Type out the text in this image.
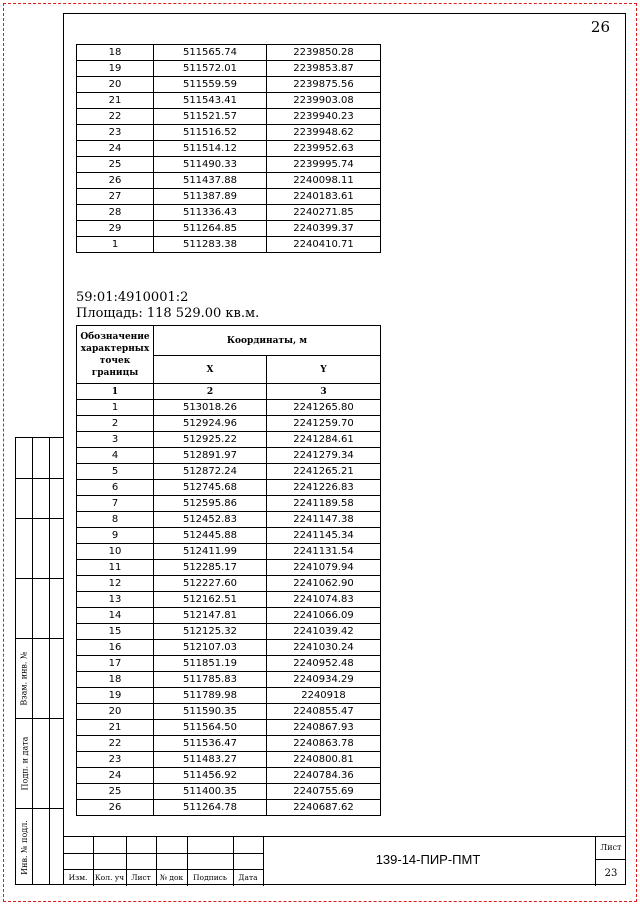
26
18	511565.74	2239850.28
19	511572.01	2239853.87
20	511559.59	2239875.56
21	511543.41	2239903.08
22	511521.57	2239940.23
23	511516.52	2239948.62
24	511514.12	2239952.63
25	511490.33	2239995.74
26	511437.88	2240098.11
27	511387.89	2240183.61
28	511336.43	2240271.85
29	511264.85	2240399.37
1	511283.38	2240410.71
59:01:4910001:2
Площадь: 118 529.00 кв.м.
Обозначение характерных точек границы	Координаты, м	
	X	Y
1	2	3
1	513018.26	2241265.80
2	512924.96	2241259.70
3	512925.22	2241284.61
4	512891.97	2241279.34
5	512872.24	2241265.21
6	512745.68	2241226.83
7	512595.86	2241189.58
8	512452.83	2241147.38
9	512445.88	2241145.34
10	512411.99	2241131.54
11	512285.17	2241079.94
12	512227.60	2241062.90
13	512162.51	2241074.83
14	512147.81	2241066.09
15	512125.32	2241039.42
16	512107.03	2241030.24
17	511851.19	2240952.48
18	511785.83	2240934.29
19	511789.98	2240918
20	511590.35	2240855.47
21	511564.50	2240867.93
22	511536.47	2240863.78
23	511483.27	2240800.81
24	511456.92	2240784.36
25	511400.35	2240755.69
26	511264.78	2240687.62
Взам. инв. №
Подп. и дата
Инв. № подл.
Изм. Кол. уч Лист	№ док	Подпись	Дата
139-14-ПИР-ПМТ
Лист
23
